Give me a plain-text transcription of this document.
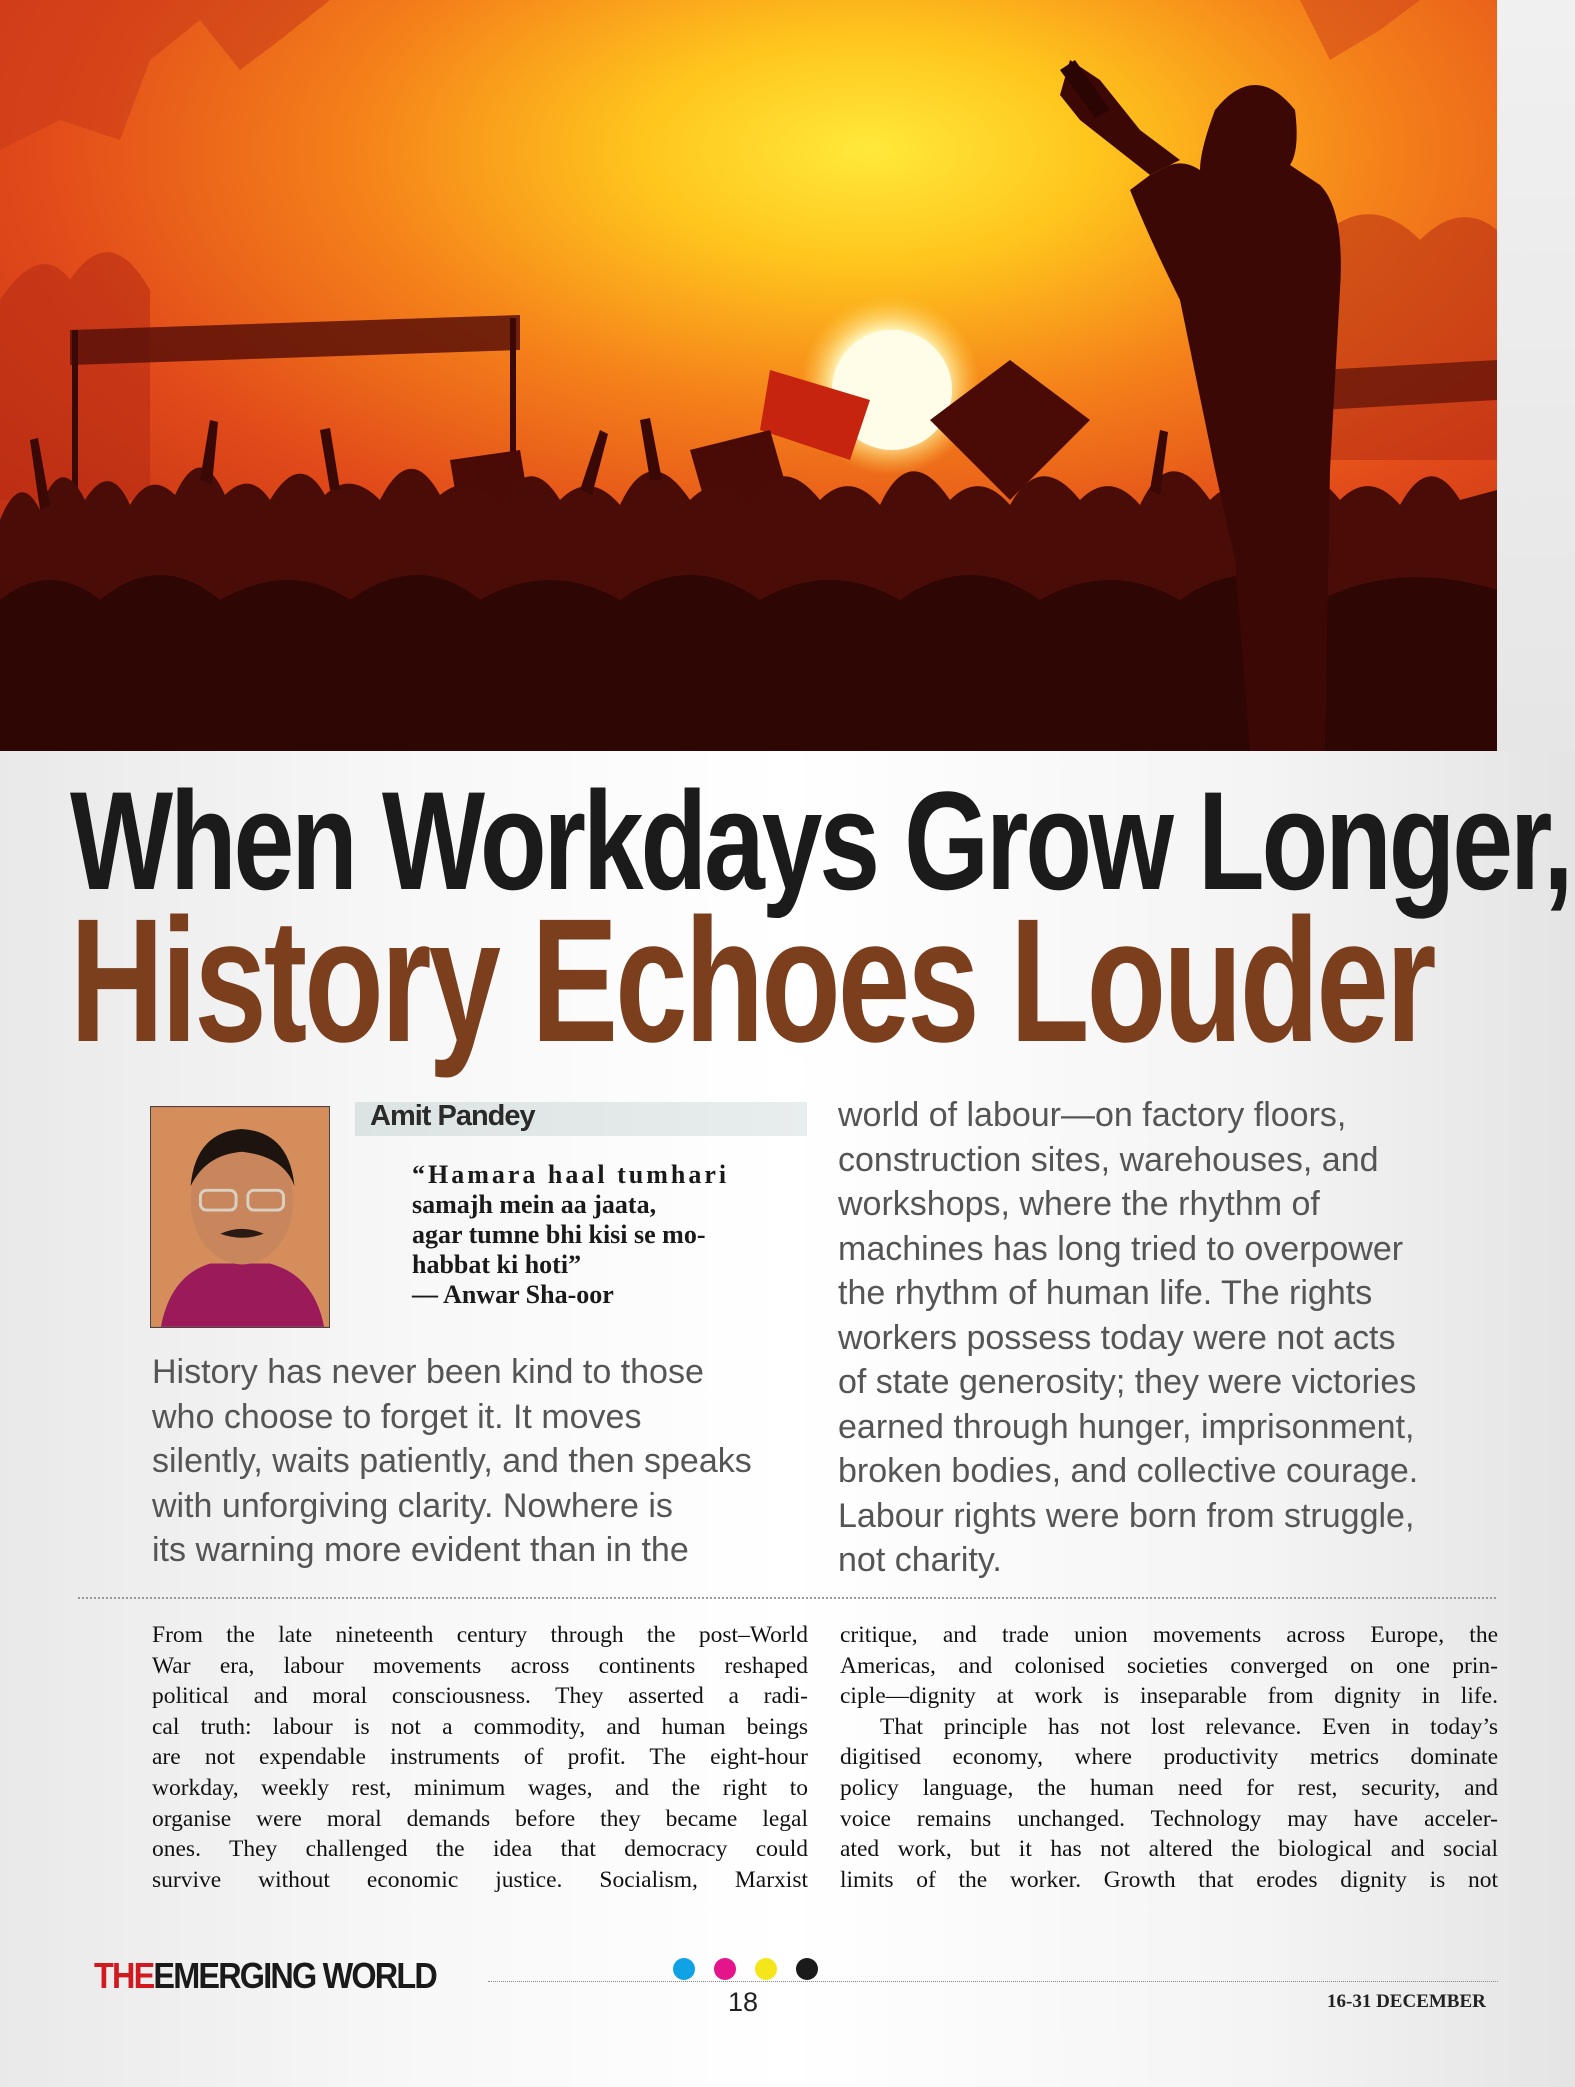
When Workdays Grow Longer,
History Echoes Louder

Amit Pandey

“Hamara haal tumhari
samajh mein aa jaata,
agar tumne bhi kisi se mo-
habbat ki hoti”
— Anwar Sha-oor

History has never been kind to those
who choose to forget it. It moves
silently, waits patiently, and then speaks
with unforgiving clarity. Nowhere is
its warning more evident than in the

world of labour—on factory floors,
construction sites, warehouses, and
workshops, where the rhythm of
machines has long tried to overpower
the rhythm of human life. The rights
workers possess today were not acts
of state generosity; they were victories
earned through hunger, imprisonment,
broken bodies, and collective courage.
Labour rights were born from struggle,
not charity.

From the late nineteenth century through the post–World
War era, labour movements across continents reshaped
political and moral consciousness. They asserted a radi-
cal truth: labour is not a commodity, and human beings
are not expendable instruments of profit. The eight-hour
workday, weekly rest, minimum wages, and the right to
organise were moral demands before they became legal
ones. They challenged the idea that democracy could
survive without economic justice. Socialism, Marxist
critique, and trade union movements across Europe, the
Americas, and colonised societies converged on one prin-
ciple—dignity at work is inseparable from dignity in life.
That principle has not lost relevance. Even in today’s
digitised economy, where productivity metrics dominate
policy language, the human need for rest, security, and
voice remains unchanged. Technology may have acceler-
ated work, but it has not altered the biological and social
limits of the worker. Growth that erodes dignity is not
THEEMERGING WORLD

18	16-31 DECEMBER
